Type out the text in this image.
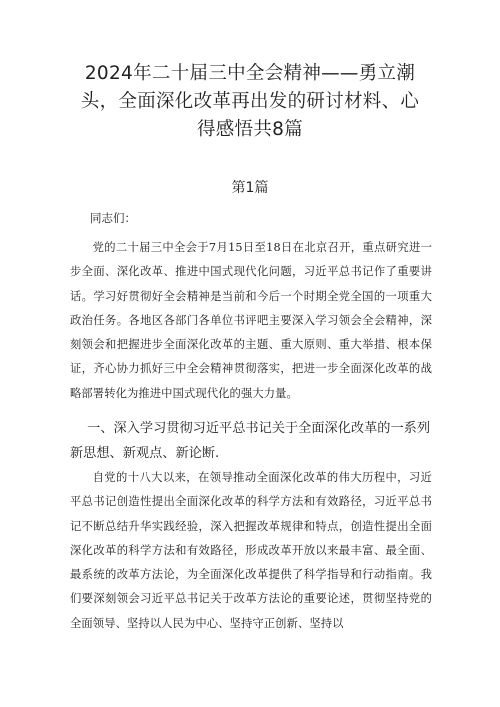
2024年二十届三中全会精神——勇立潮头，全面深化改革再出发的研讨材料、心得感悟共8篇
第1篇
同志们：
党的二十届三中全会于7月15日至18日在北京召开，重点研究进一步全面、深化改革、推进中国式现代化问题，习近平总书记作了重要讲话。学习好贯彻好全会精神是当前和今后一个时期全党全国的一项重大政治任务。各地区各部门各单位书评吧主要深入学习领会全会精神，深刻领会和把握进步全面深化改革的主题、重大原则、重大举措、根本保证，齐心协力抓好三中全会精神贯彻落实，把进一步全面深化改革的战略部署转化为推进中国式现代化的强大力量。
一、深入学习贯彻习近平总书记关于全面深化改革的一系列新思想、新观点、新论断.
自党的十八大以来，在领导推动全面深化改革的伟大历程中，习近平总书记创造性提出全面深化改革的科学方法和有效路径，习近平总书记不断总结升华实践经验，深入把握改革规律和特点，创造性提出全面深化改革的科学方法和有效路径，形成改革开放以来最丰富、最全面、最系统的改革方法论，为全面深化改革提供了科学指导和行动指南。我们要深刻领会习近平总书记关于改革方法论的重要论述，贯彻坚持党的全面领导、坚持以人民为中心、坚持守正创新、坚持以
